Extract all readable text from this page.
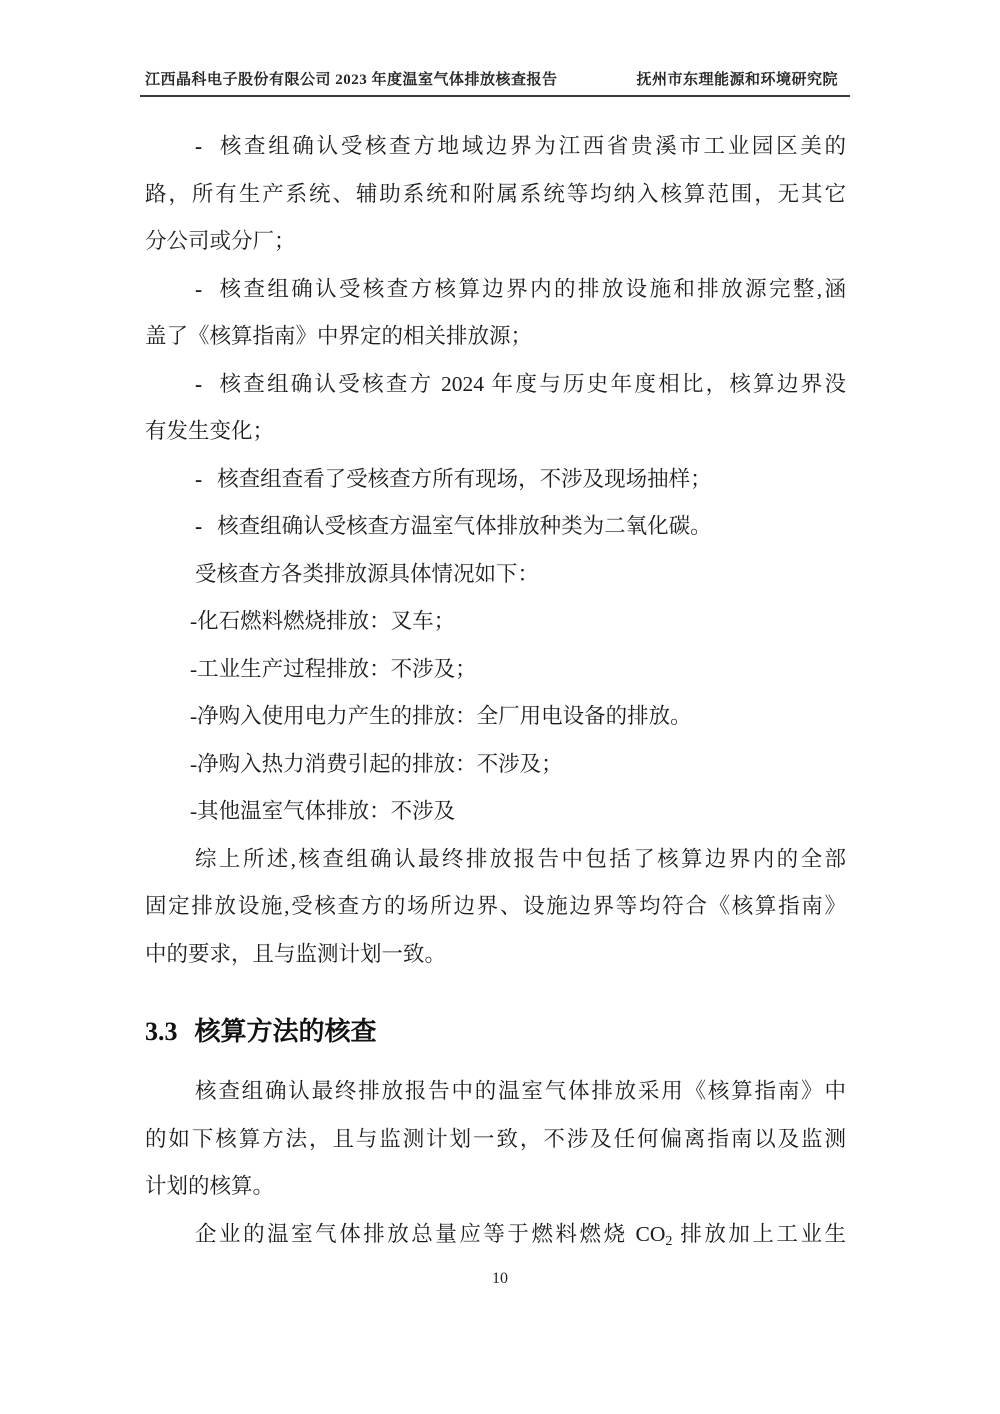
江西晶科电子股份有限公司 2023 年度温室气体排放核查报告	抚州市东理能源和环境研究院
- 核查组确认受核查方地域边界为江西省贵溪市工业园区美的
路，所有生产系统、辅助系统和附属系统等均纳入核算范围，无其它
分公司或分厂；
- 核查组确认受核查方核算边界内的排放设施和排放源完整,涵
盖了《核算指南》中界定的相关排放源；
- 核查组确认受核查方 2024 年度与历史年度相比，核算边界没
有发生变化；
- 核查组查看了受核查方所有现场，不涉及现场抽样；
- 核查组确认受核查方温室气体排放种类为二氧化碳。
受核查方各类排放源具体情况如下：
-化石燃料燃烧排放：叉车；
-工业生产过程排放：不涉及；
-净购入使用电力产生的排放：全厂用电设备的排放。
-净购入热力消费引起的排放：不涉及；
-其他温室气体排放：不涉及
综上所述,核查组确认最终排放报告中包括了核算边界内的全部
固定排放设施,受核查方的场所边界、设施边界等均符合《核算指南》
中的要求，且与监测计划一致。
3.3 核算方法的核查
核查组确认最终排放报告中的温室气体排放采用《核算指南》中
的如下核算方法，且与监测计划一致，不涉及任何偏离指南以及监测
计划的核算。
企业的温室气体排放总量应等于燃料燃烧 $CO_2$ 排放加上工业生
10
